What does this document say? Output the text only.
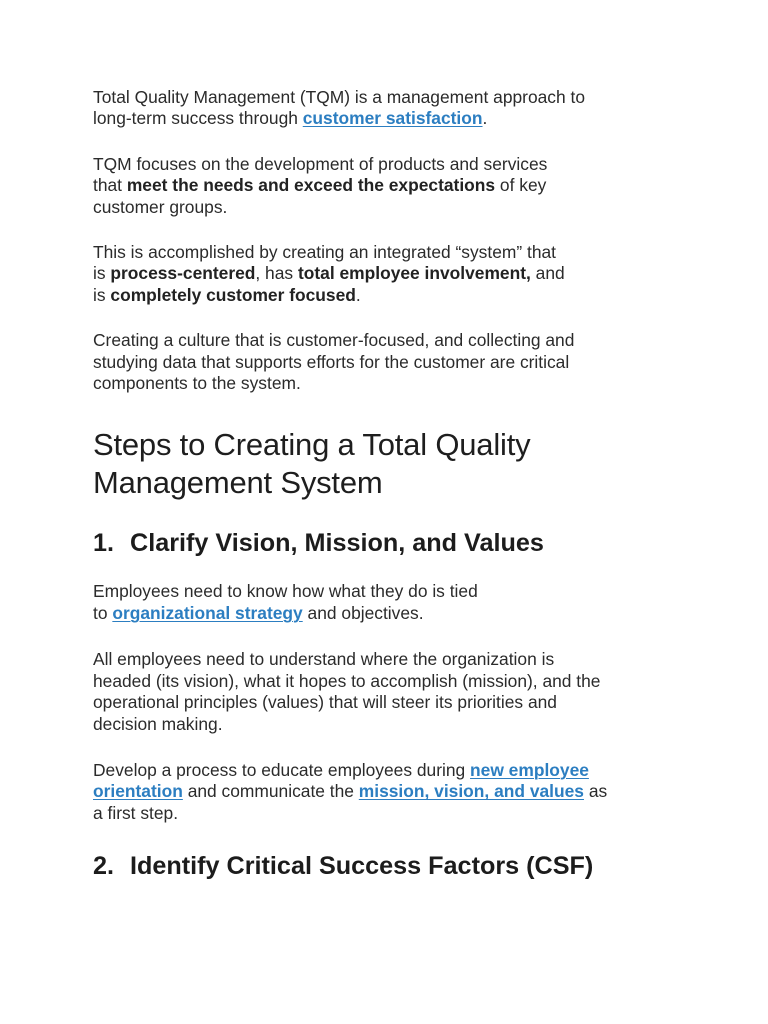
Total Quality Management (TQM) is a management approach to
long-term success through customer satisfaction.

TQM focuses on the development of products and services
that meet the needs and exceed the expectations of key
customer groups.

This is accomplished by creating an integrated “system” that
is process-centered, has total employee involvement, and
is completely customer focused.

Creating a culture that is customer-focused, and collecting and
studying data that supports efforts for the customer are critical
components to the system.

Steps to Creating a Total Quality
Management System
1. Clarify Vision, Mission, and Values

Employees need to know how what they do is tied
to organizational strategy and objectives.

All employees need to understand where the organization is
headed (its vision), what it hopes to accomplish (mission), and the
operational principles (values) that will steer its priorities and
decision making.

Develop a process to educate employees during new employee
orientation and communicate the mission, vision, and values as
a first step.

2. Identify Critical Success Factors (CSF)
